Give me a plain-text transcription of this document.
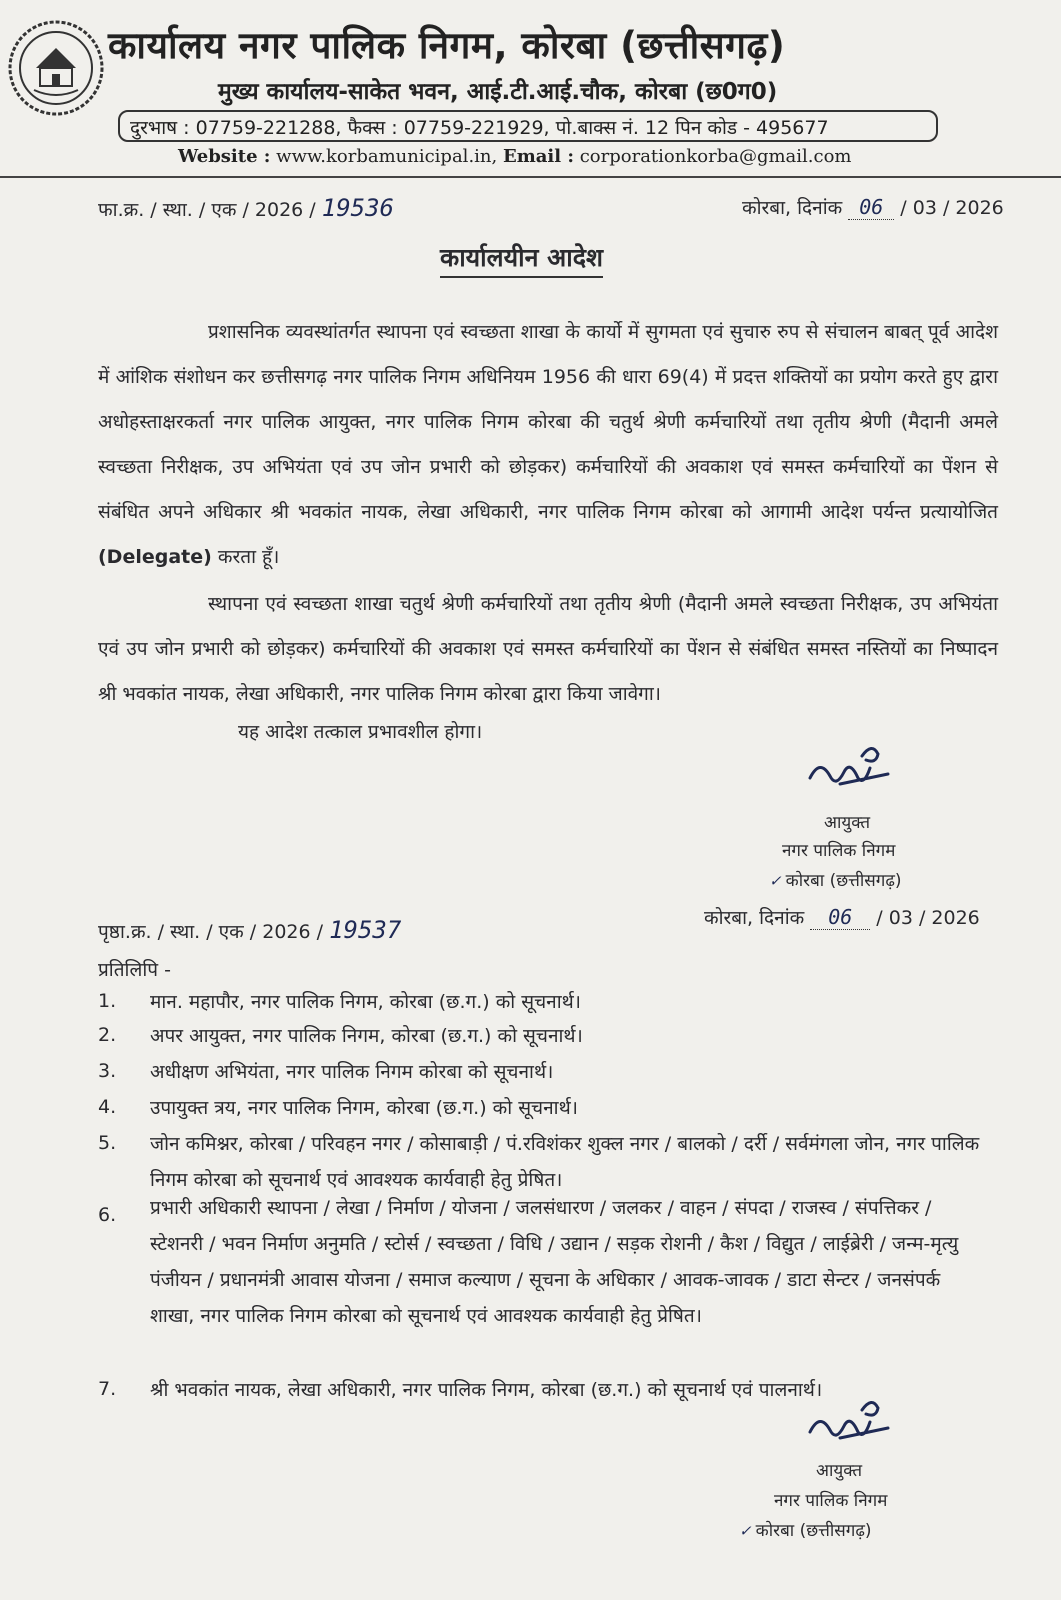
कार्यालय नगर पालिक निगम, कोरबा (छत्तीसगढ़)
मुख्य कार्यालय-साकेत भवन, आई.टी.आई.चौक, कोरबा (छ0ग0)
दुरभाष : 07759-221288, फैक्स : 07759-221929, पो.बाक्स नं. 12 पिन कोड - 495677
Website : www.korbamunicipal.in, Email : corporationkorba@gmail.com
फा.क्र. / स्था. / एक / 2026 / 19536	कोरबा, दिनांक 06 / 03 / 2026
कार्यालयीन आदेश
प्रशासनिक व्यवस्थांतर्गत स्थापना एवं स्वच्छता शाखा के कार्यो में सुगमता एवं सुचारु रुप से संचालन बाबत् पूर्व आदेश में आंशिक संशोधन कर छत्तीसगढ़ नगर पालिक निगम अधिनियम 1956 की धारा 69(4) में प्रदत्त शक्तियों का प्रयोग करते हुए द्वारा अधोहस्ताक्षरकर्ता नगर पालिक आयुक्त, नगर पालिक निगम कोरबा की चतुर्थ श्रेणी कर्मचारियों तथा तृतीय श्रेणी (मैदानी अमले स्वच्छता निरीक्षक, उप अभियंता एवं उप जोन प्रभारी को छोड़कर) कर्मचारियों की अवकाश एवं समस्त कर्मचारियों का पेंशन से संबंधित अपने अधिकार श्री भवकांत नायक, लेखा अधिकारी, नगर पालिक निगम कोरबा को आगामी आदेश पर्यन्त प्रत्यायोजित (Delegate) करता हूँ।
स्थापना एवं स्वच्छता शाखा चतुर्थ श्रेणी कर्मचारियों तथा तृतीय श्रेणी (मैदानी अमले स्वच्छता निरीक्षक, उप अभियंता एवं उप जोन प्रभारी को छोड़कर) कर्मचारियों की अवकाश एवं समस्त कर्मचारियों का पेंशन से संबंधित समस्त नस्तियों का निष्पादन श्री भवकांत नायक, लेखा अधिकारी, नगर पालिक निगम कोरबा द्वारा किया जावेगा।
यह आदेश तत्काल प्रभावशील होगा।
आयुक्त
नगर पालिक निगम
✓ कोरबा (छत्तीसगढ़)
पृष्ठा.क्र. / स्था. / एक / 2026 / 19537	कोरबा, दिनांक 06 / 03 / 2026
प्रतिलिपि -
1.	मान. महापौर, नगर पालिक निगम, कोरबा (छ.ग.) को सूचनार्थ।
2.	अपर आयुक्त, नगर पालिक निगम, कोरबा (छ.ग.) को सूचनार्थ।
3.	अधीक्षण अभियंता, नगर पालिक निगम कोरबा को सूचनार्थ।
4.	उपायुक्त त्रय, नगर पालिक निगम, कोरबा (छ.ग.) को सूचनार्थ।
5.	जोन कमिश्नर, कोरबा / परिवहन नगर / कोसाबाड़ी / पं.रविशंकर शुक्ल नगर / बालको / दर्री / सर्वमंगला जोन, नगर पालिक निगम कोरबा को सूचनार्थ एवं आवश्यक कार्यवाही हेतु प्रेषित।
6.	प्रभारी अधिकारी स्थापना / लेखा / निर्माण / योजना / जलसंधारण / जलकर / वाहन / संपदा / राजस्व / संपत्तिकर / स्टेशनरी / भवन निर्माण अनुमति / स्टोर्स / स्वच्छता / विधि / उद्यान / सड़क रोशनी / कैश / विद्युत / लाईब्रेरी / जन्म-मृत्यु पंजीयन / प्रधानमंत्री आवास योजना / समाज कल्याण / सूचना के अधिकार / आवक-जावक / डाटा सेन्टर / जनसंपर्क शाखा, नगर पालिक निगम कोरबा को सूचनार्थ एवं आवश्यक कार्यवाही हेतु प्रेषित।
7.	श्री भवकांत नायक, लेखा अधिकारी, नगर पालिक निगम, कोरबा (छ.ग.) को सूचनार्थ एवं पालनार्थ।
आयुक्त
नगर पालिक निगम
✓ कोरबा (छत्तीसगढ़)
